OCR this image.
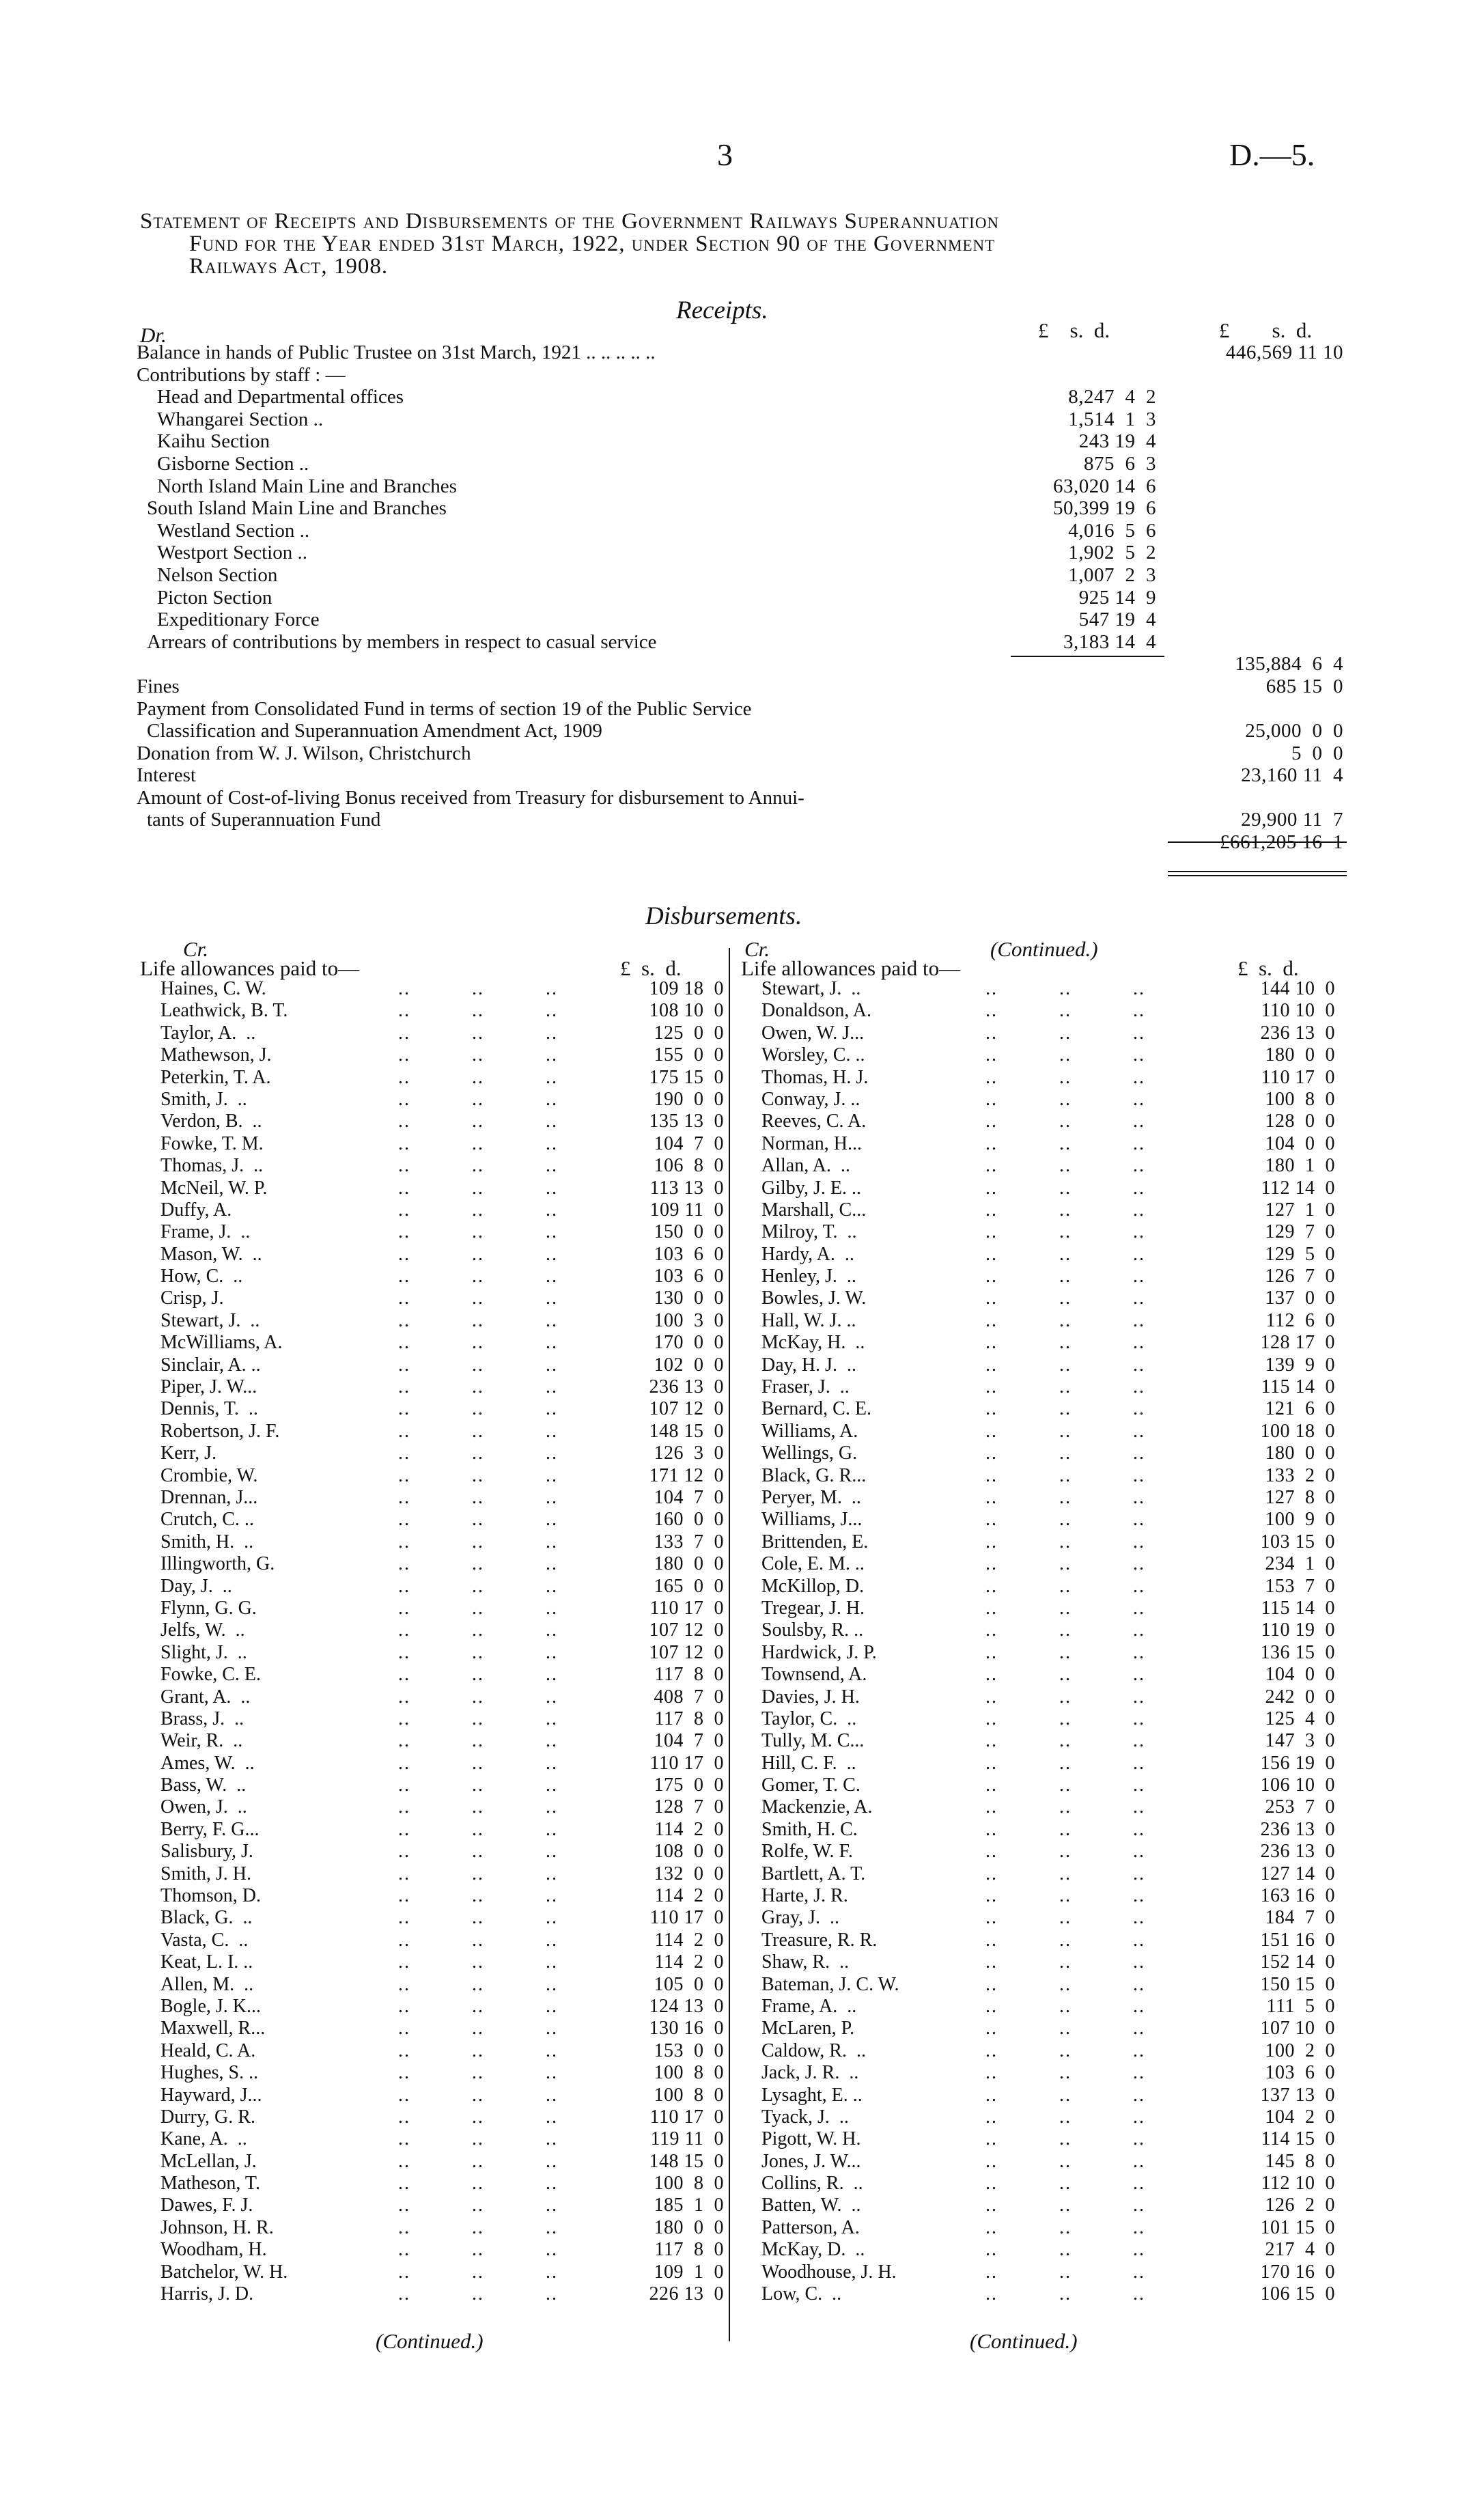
3	D.—5.
Statement of Receipts and Disbursements of the Government Railways Superannuation
Fund for the Year ended 31st March, 1922, under Section 90 of the Government
Railways Act, 1908.
Receipts.
Dr.	£    s.  d.	£        s.  d.
Balance in hands of Public Trustee on 31st March, 1921 .. .. .. .. ..	446,569 11 10
Contributions by staff : —
Head and Departmental offices	8,247  4  2
Whangarei Section ..	1,514  1  3
Kaihu Section	243 19  4
Gisborne Section ..	875  6  3
North Island Main Line and Branches	63,020 14  6
South Island Main Line and Branches	50,399 19  6
Westland Section ..	4,016  5  6
Westport Section ..	1,902  5  2
Nelson Section	1,007  2  3
Picton Section	925 14  9
Expeditionary Force	547 19  4
Arrears of contributions by members in respect to casual service	3,183 14  4
135,884  6  4
Fines	685 15  0
Payment from Consolidated Fund in terms of section 19 of the Public Service
Classification and Superannuation Amendment Act, 1909	25,000  0  0
Donation from W. J. Wilson, Christchurch	5  0  0
Interest	23,160 11  4
Amount of Cost-of-living Bonus received from Treasury for disbursement to Annui-
tants of Superannuation Fund	29,900 11  7
£661,205 16  1
Disbursements.
Cr.
£  s.  d.
Life allowances paid to—
Haines, C. W.	..          ..          ..	109 18  0
Leathwick, B. T.	..          ..          ..	108 10  0
Taylor, A.  ..	..          ..          ..	125  0  0
Mathewson, J.	..          ..          ..	155  0  0
Peterkin, T. A.	..          ..          ..	175 15  0
Smith, J.  ..	..          ..          ..	190  0  0
Verdon, B.  ..	..          ..          ..	135 13  0
Fowke, T. M.	..          ..          ..	104  7  0
Thomas, J.  ..	..          ..          ..	106  8  0
McNeil, W. P.	..          ..          ..	113 13  0
Duffy, A.	..          ..          ..	109 11  0
Frame, J.  ..	..          ..          ..	150  0  0
Mason, W.  ..	..          ..          ..	103  6  0
How, C.  ..	..          ..          ..	103  6  0
Crisp, J.	..          ..          ..	130  0  0
Stewart, J.  ..	..          ..          ..	100  3  0
McWilliams, A.	..          ..          ..	170  0  0
Sinclair, A. ..	..          ..          ..	102  0  0
Piper, J. W...	..          ..          ..	236 13  0
Dennis, T.  ..	..          ..          ..	107 12  0
Robertson, J. F.	..          ..          ..	148 15  0
Kerr, J.	..          ..          ..	126  3  0
Crombie, W.	..          ..          ..	171 12  0
Drennan, J...	..          ..          ..	104  7  0
Crutch, C. ..	..          ..          ..	160  0  0
Smith, H.  ..	..          ..          ..	133  7  0
Illingworth, G.	..          ..          ..	180  0  0
Day, J.  ..	..          ..          ..	165  0  0
Flynn, G. G.	..          ..          ..	110 17  0
Jelfs, W.  ..	..          ..          ..	107 12  0
Slight, J.  ..	..          ..          ..	107 12  0
Fowke, C. E.	..          ..          ..	117  8  0
Grant, A.  ..	..          ..          ..	408  7  0
Brass, J.  ..	..          ..          ..	117  8  0
Weir, R.  ..	..          ..          ..	104  7  0
Ames, W.  ..	..          ..          ..	110 17  0
Bass, W.  ..	..          ..          ..	175  0  0
Owen, J.  ..	..          ..          ..	128  7  0
Berry, F. G...	..          ..          ..	114  2  0
Salisbury, J.	..          ..          ..	108  0  0
Smith, J. H.	..          ..          ..	132  0  0
Thomson, D.	..          ..          ..	114  2  0
Black, G.  ..	..          ..          ..	110 17  0
Vasta, C.  ..	..          ..          ..	114  2  0
Keat, L. I. ..	..          ..          ..	114  2  0
Allen, M.  ..	..          ..          ..	105  0  0
Bogle, J. K...	..          ..          ..	124 13  0
Maxwell, R...	..          ..          ..	130 16  0
Heald, C. A.	..          ..          ..	153  0  0
Hughes, S. ..	..          ..          ..	100  8  0
Hayward, J...	..          ..          ..	100  8  0
Durry, G. R.	..          ..          ..	110 17  0
Kane, A.  ..	..          ..          ..	119 11  0
McLellan, J.	..          ..          ..	148 15  0
Matheson, T.	..          ..          ..	100  8  0
Dawes, F. J.	..          ..          ..	185  1  0
Johnson, H. R.	..          ..          ..	180  0  0
Woodham, H.	..          ..          ..	117  8  0
Batchelor, W. H.	..          ..          ..	109  1  0
Harris, J. D.	..          ..          ..	226 13  0
(Continued.)
Cr.	(Continued.)
£  s.  d.
Life allowances paid to—
Stewart, J.  ..	..          ..          ..	144 10  0
Donaldson, A.	..          ..          ..	110 10  0
Owen, W. J...	..          ..          ..	236 13  0
Worsley, C. ..	..          ..          ..	180  0  0
Thomas, H. J.	..          ..          ..	110 17  0
Conway, J. ..	..          ..          ..	100  8  0
Reeves, C. A.	..          ..          ..	128  0  0
Norman, H...	..          ..          ..	104  0  0
Allan, A.  ..	..          ..          ..	180  1  0
Gilby, J. E. ..	..          ..          ..	112 14  0
Marshall, C...	..          ..          ..	127  1  0
Milroy, T.  ..	..          ..          ..	129  7  0
Hardy, A.  ..	..          ..          ..	129  5  0
Henley, J.  ..	..          ..          ..	126  7  0
Bowles, J. W.	..          ..          ..	137  0  0
Hall, W. J. ..	..          ..          ..	112  6  0
McKay, H.  ..	..          ..          ..	128 17  0
Day, H. J.  ..	..          ..          ..	139  9  0
Fraser, J.  ..	..          ..          ..	115 14  0
Bernard, C. E.	..          ..          ..	121  6  0
Williams, A.	..          ..          ..	100 18  0
Wellings, G.	..          ..          ..	180  0  0
Black, G. R...	..          ..          ..	133  2  0
Peryer, M.  ..	..          ..          ..	127  8  0
Williams, J...	..          ..          ..	100  9  0
Brittenden, E.	..          ..          ..	103 15  0
Cole, E. M. ..	..          ..          ..	234  1  0
McKillop, D.	..          ..          ..	153  7  0
Tregear, J. H.	..          ..          ..	115 14  0
Soulsby, R. ..	..          ..          ..	110 19  0
Hardwick, J. P.	..          ..          ..	136 15  0
Townsend, A.	..          ..          ..	104  0  0
Davies, J. H.	..          ..          ..	242  0  0
Taylor, C.  ..	..          ..          ..	125  4  0
Tully, M. C...	..          ..          ..	147  3  0
Hill, C. F.  ..	..          ..          ..	156 19  0
Gomer, T. C.	..          ..          ..	106 10  0
Mackenzie, A.	..          ..          ..	253  7  0
Smith, H. C.	..          ..          ..	236 13  0
Rolfe, W. F.	..          ..          ..	236 13  0
Bartlett, A. T.	..          ..          ..	127 14  0
Harte, J. R.	..          ..          ..	163 16  0
Gray, J.  ..	..          ..          ..	184  7  0
Treasure, R. R.	..          ..          ..	151 16  0
Shaw, R.  ..	..          ..          ..	152 14  0
Bateman, J. C. W.	..          ..          ..	150 15  0
Frame, A.  ..	..          ..          ..	111  5  0
McLaren, P.	..          ..          ..	107 10  0
Caldow, R.  ..	..          ..          ..	100  2  0
Jack, J. R.  ..	..          ..          ..	103  6  0
Lysaght, E. ..	..          ..          ..	137 13  0
Tyack, J.  ..	..          ..          ..	104  2  0
Pigott, W. H.	..          ..          ..	114 15  0
Jones, J. W...	..          ..          ..	145  8  0
Collins, R.  ..	..          ..          ..	112 10  0
Batten, W.  ..	..          ..          ..	126  2  0
Patterson, A.	..          ..          ..	101 15  0
McKay, D.  ..	..          ..          ..	217  4  0
Woodhouse, J. H.	..          ..          ..	170 16  0
Low, C.  ..	..          ..          ..	106 15  0
(Continued.)
